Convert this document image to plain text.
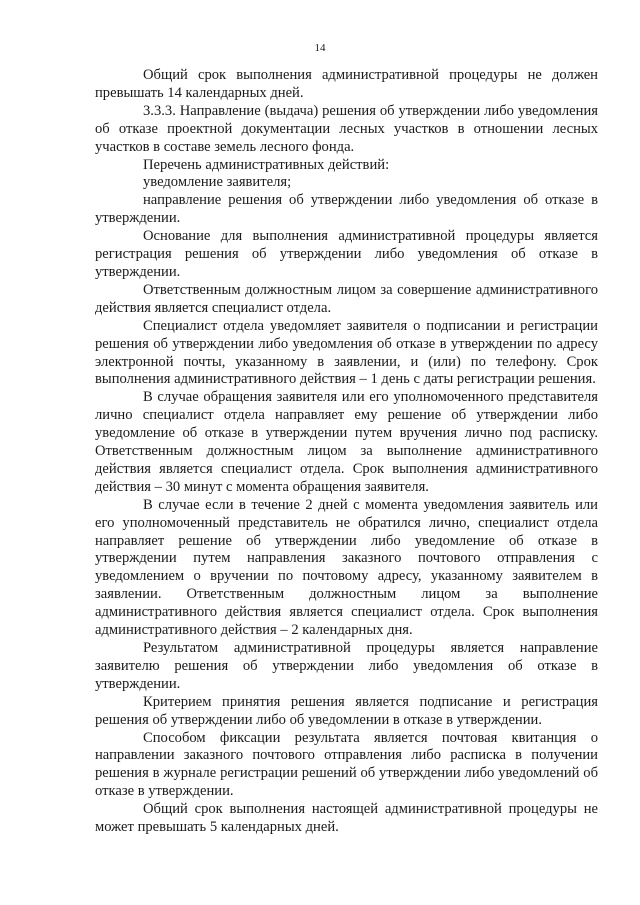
14

Общий срок выполнения административной процедуры не должен превышать 14 календарных дней.

3.3.3. Направление (выдача) решения об утверждении либо уведомления об отказе проектной документации лесных участков в отношении лесных участков в составе земель лесного фонда.

Перечень административных действий:

уведомление заявителя;

направление решения об утверждении либо уведомления об отказе в утверждении.

Основание для выполнения административной процедуры является регистрация решения об утверждении либо уведомления об отказе в утверждении.

Ответственным должностным лицом за совершение административного действия является специалист отдела.

Специалист отдела уведомляет заявителя о подписании и регистрации решения об утверждении либо уведомления об отказе в утверждении по адресу электронной почты, указанному в заявлении, и (или) по телефону. Срок выполнения административного действия – 1 день с даты регистрации решения.

В случае обращения заявителя или его уполномоченного представителя лично специалист отдела направляет ему решение об утверждении либо уведомление об отказе в утверждении путем вручения лично под расписку. Ответственным должностным лицом за выполнение административного действия является специалист отдела. Срок выполнения административного действия – 30 минут с момента обращения заявителя.

В случае если в течение 2 дней с момента уведомления заявитель или его уполномоченный представитель не обратился лично, специалист отдела направляет решение об утверждении либо уведомление об отказе в утверждении путем направления заказного почтового отправления с уведомлением о вручении по почтовому адресу, указанному заявителем в заявлении. Ответственным должностным лицом за выполнение административного действия является специалист отдела. Срок выполнения административного действия – 2 календарных дня.

Результатом административной процедуры является направление заявителю решения об утверждении либо уведомления об отказе в утверждении.

Критерием принятия решения является подписание и регистрация решения об утверждении либо об уведомлении в отказе в утверждении.

Способом фиксации результата является почтовая квитанция о направлении заказного почтового отправления либо расписка в получении решения в журнале регистрации решений об утверждении либо уведомлений об отказе в утверждении.

Общий срок выполнения настоящей административной процедуры не может превышать 5 календарных дней.
